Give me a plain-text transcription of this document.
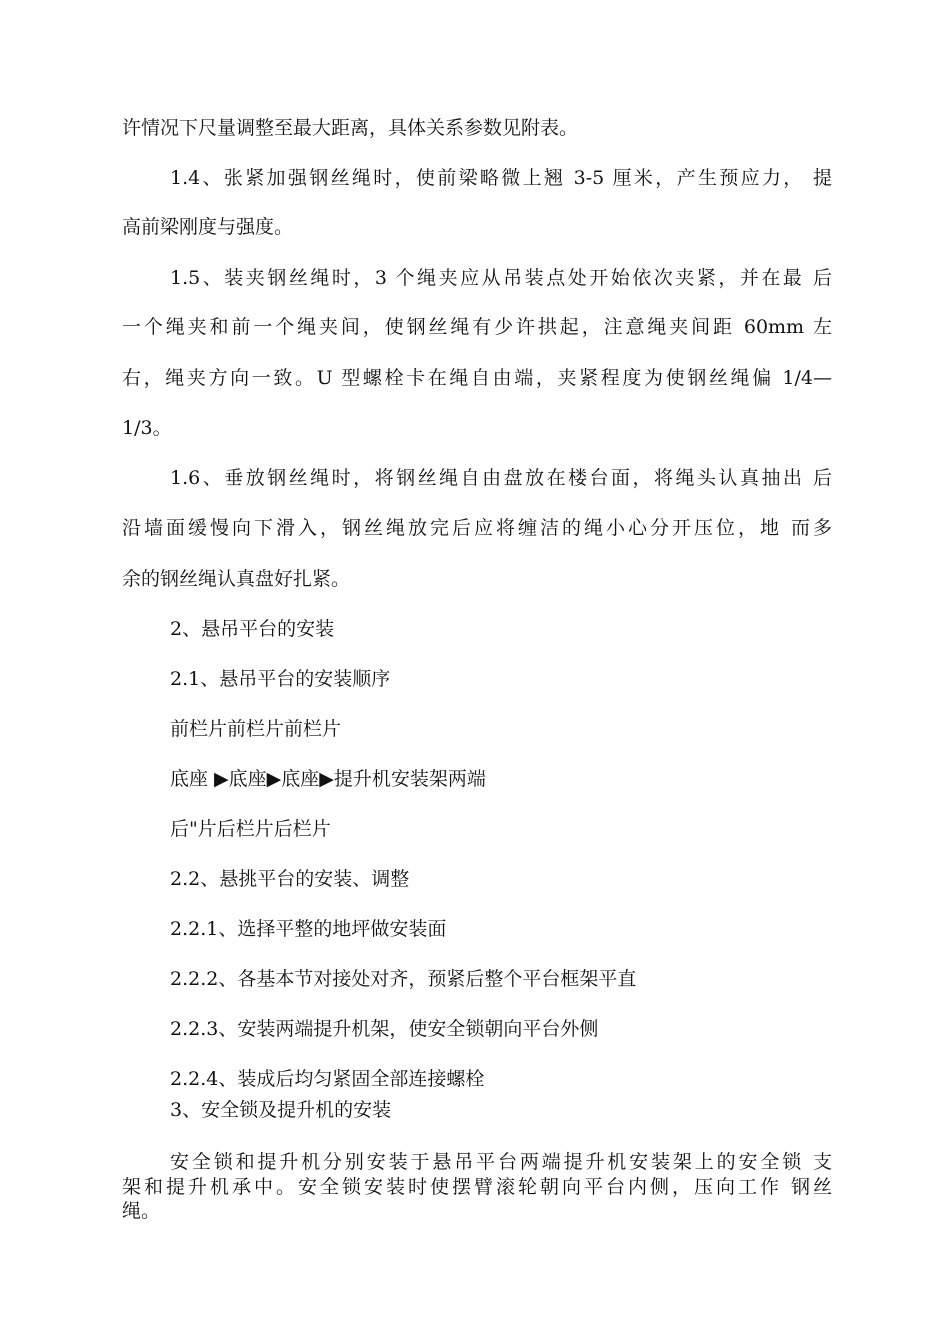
许情况下尺量调整至最大距离，具体关系参数见附表。
1.4、张紧加强钢丝绳时，使前梁略微上翘 3-5 厘米，产生预应力， 提
高前梁刚度与强度。
1.5、装夹钢丝绳时，3 个绳夹应从吊装点处开始依次夹紧，并在最 后
一个绳夹和前一个绳夹间，使钢丝绳有少许拱起，注意绳夹间距 60mm 左
右，绳夹方向一致。U 型螺栓卡在绳自由端，夹紧程度为使钢丝绳偏 1/4—
1/3。
1.6、垂放钢丝绳时，将钢丝绳自由盘放在楼台面，将绳头认真抽出 后
沿墙面缓慢向下滑入，钢丝绳放完后应将缠洁的绳小心分开压位，地 而多
余的钢丝绳认真盘好扎紧。
2、悬吊平台的安装
2.1、悬吊平台的安装顺序
前栏片前栏片前栏片
底座 ▶底座▶底座▶提升机安装架两端
后"片后栏片后栏片
2.2、悬挑平台的安装、调整
2.2.1、选择平整的地坪做安装面
2.2.2、各基本节对接处对齐，预紧后整个平台框架平直
2.2.3、安装两端提升机架，使安全锁朝向平台外侧
2.2.4、装成后均匀紧固全部连接螺栓
3、安全锁及提升机的安装
安全锁和提升机分别安装于悬吊平台两端提升机安装架上的安全锁 支
架和提升机承中。安全锁安装时使摆臂滚轮朝向平台内侧，压向工作 钢丝
绳。
